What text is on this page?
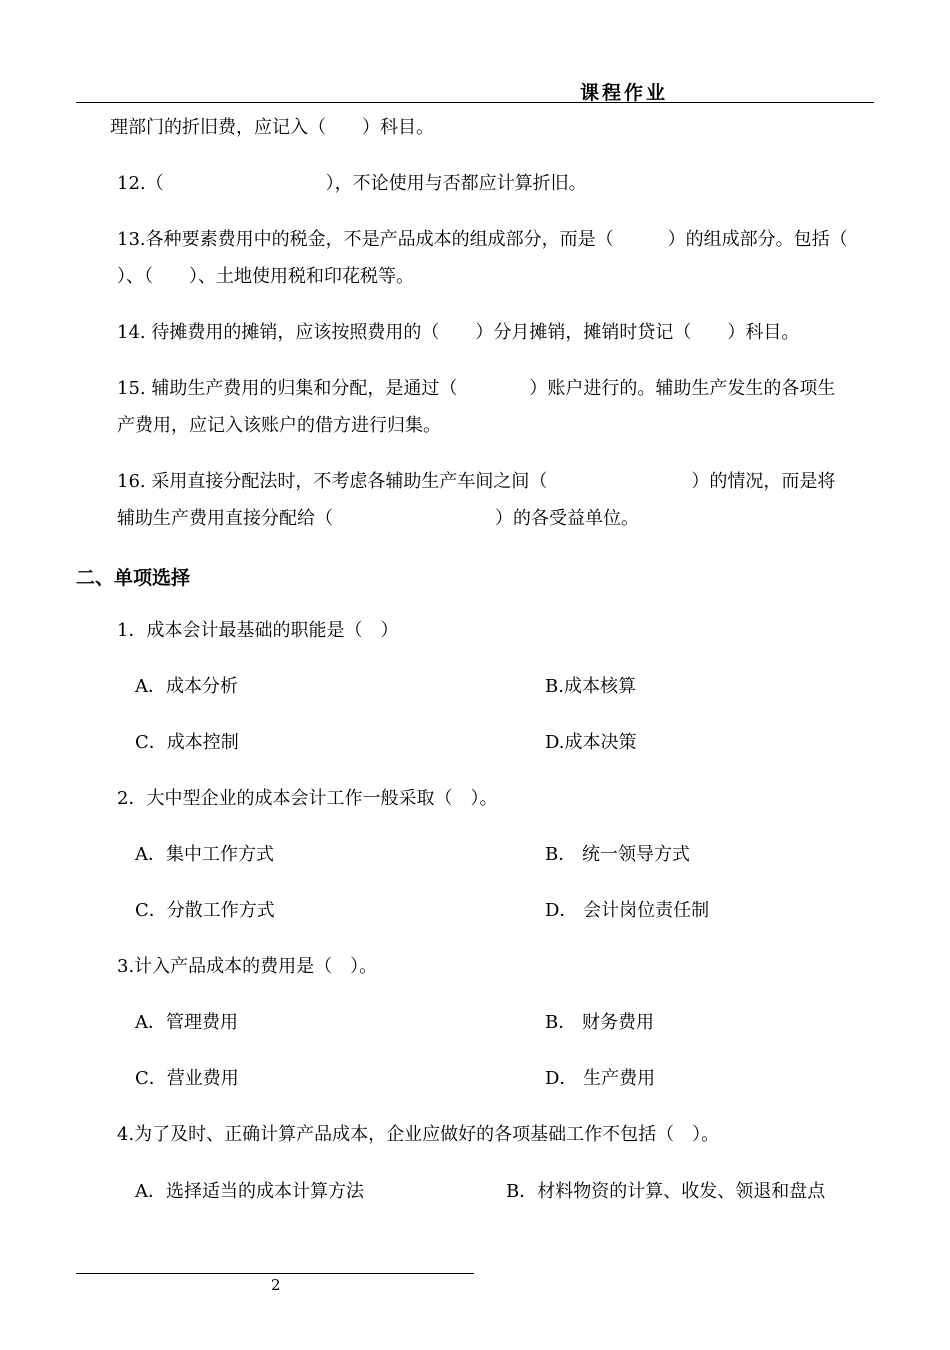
课程作业
理部门的折旧费，应记入（　　）科目。
12.（　　　　　　　　　），不论使用与否都应计算折旧。
13.各种要素费用中的税金，不是产品成本的组成部分，而是（　　　）的组成部分。包括（
）、（　　）、土地使用税和印花税等。
14. 待摊费用的摊销，应该按照费用的（　　）分月摊销，摊销时贷记（　　）科目。
15. 辅助生产费用的归集和分配，是通过（　　　　）账户进行的。辅助生产发生的各项生
产费用，应记入该账户的借方进行归集。
16. 采用直接分配法时，不考虑各辅助生产车间之间（　　　　　　　　）的情况，而是将
辅助生产费用直接分配给（　　　　　　　　　）的各受益单位。
二、单项选择
1．成本会计最基础的职能是（　）
A．成本分析	B.成本核算
C．成本控制	D.成本决策
2．大中型企业的成本会计工作一般采取（　）。
A．集中工作方式	B． 统一领导方式
C．分散工作方式	D． 会计岗位责任制
3.计入产品成本的费用是（　）。
A．管理费用	B． 财务费用
C．营业费用	D． 生产费用
4.为了及时、正确计算产品成本，企业应做好的各项基础工作不包括（　）。
A．选择适当的成本计算方法	B．材料物资的计算、收发、领退和盘点
2
